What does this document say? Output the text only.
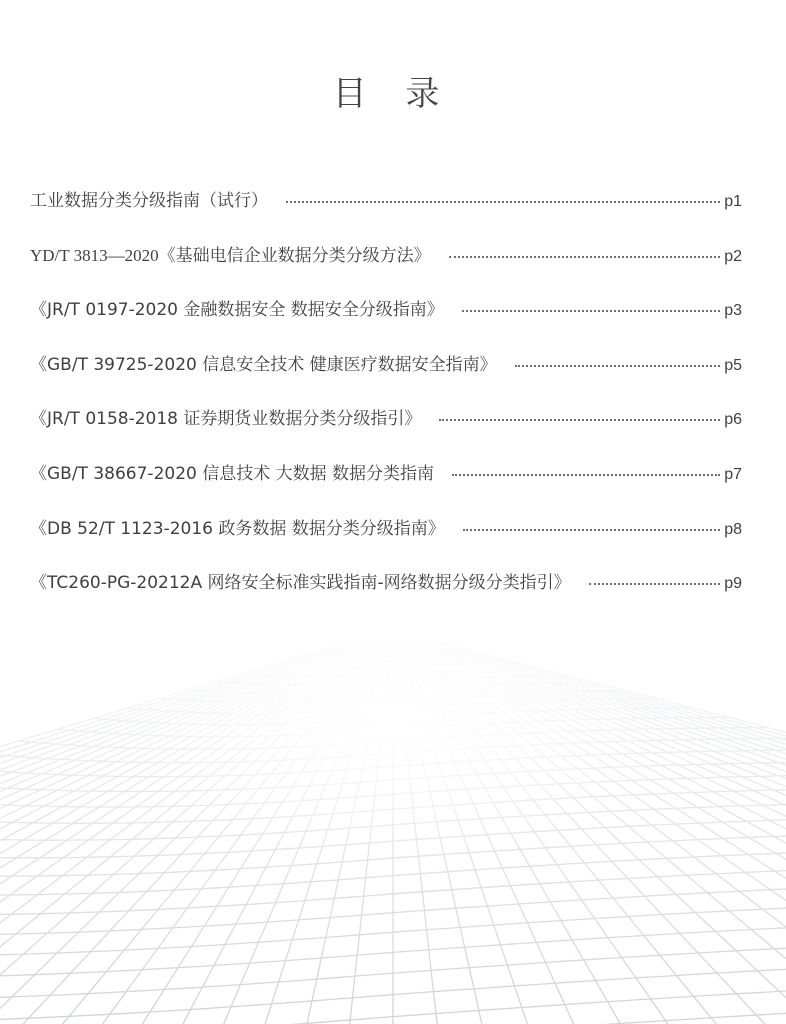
目 录
工业数据分类分级指南（试行）	p1
YD/T 3813—2020《基础电信企业数据分类分级方法》	p2
《JR/T 0197-2020 金融数据安全 数据安全分级指南》	p3
《GB/T 39725-2020 信息安全技术 健康医疗数据安全指南》	p5
《JR/T 0158-2018 证券期货业数据分类分级指引》	p6
《GB/T 38667-2020 信息技术 大数据 数据分类指南	p7
《DB 52/T 1123-2016 政务数据 数据分类分级指南》	p8
《TC260-PG-20212A 网络安全标准实践指南-网络数据分级分类指引》	p9
